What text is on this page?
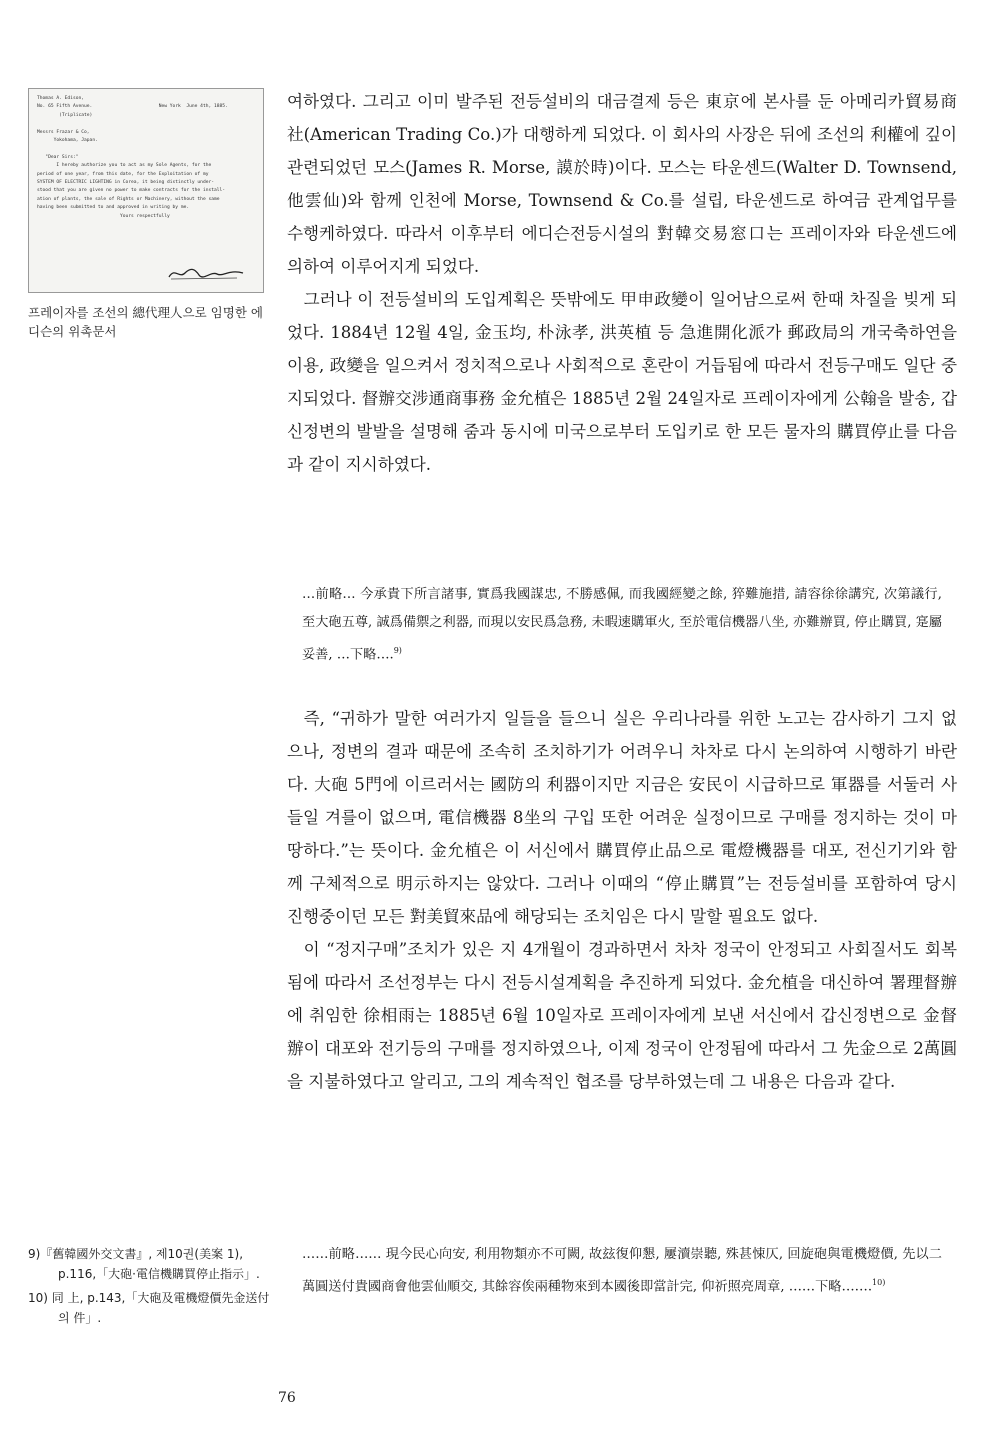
Thomas A. Edison,
No. 65 Fifth Avenue.                        New York  June 4th, 1885.
(Triplicate)

Messrs Frazar & Co,
Yokohama, Japan.

"Dear Sirs:"
I hereby authorize you to act as my Sole Agents, for the
period of one year, from this date, for the Exploitation of my
SYSTEM OF ELECTRIC LIGHTING in Corea, it being distinctly under-
stood that you are given no power to make contracts for the install-
ation of plants, the sale of Rights or Machinery, without the same
having been submitted to and approved in writing by me.
Yours respectfully

프레이자를 조선의 總代理人으로 임명한 에디슨의 위촉문서

여하였다. 그리고 이미 발주된 전등설비의 대금결제 등은 東京에 본사를 둔 아메리카貿易商社(American Trading Co.)가 대행하게 되었다. 이 회사의 사장은 뒤에 조선의 利權에 깊이 관련되었던 모스(James R. Morse, 謨於時)이다. 모스는 타운센드(Walter D. Townsend, 他雲仙)와 함께 인천에 Morse, Townsend & Co.를 설립, 타운센드로 하여금 관계업무를 수행케하였다. 따라서 이후부터 에디슨전등시설의 對韓交易窓口는 프레이자와 타운센드에 의하여 이루어지게 되었다.

그러나 이 전등설비의 도입계획은 뜻밖에도 甲申政變이 일어남으로써 한때 차질을 빚게 되었다. 1884년 12월 4일, 金玉均, 朴泳孝, 洪英植 등 急進開化派가 郵政局의 개국축하연을 이용, 政變을 일으켜서 정치적으로나 사회적으로 혼란이 거듭됨에 따라서 전등구매도 일단 중지되었다. 督辦交涉通商事務 金允植은 1885년 2월 24일자로 프레이자에게 公翰을 발송, 갑신정변의 발발을 설명해 줌과 동시에 미국으로부터 도입키로 한 모든 물자의 購買停止를 다음과 같이 지시하였다.

…前略… 今承貴下所言諸事, 實爲我國謀忠, 不勝感佩, 而我國經變之餘, 猝難施措, 請容徐徐講究, 次第議行, 至大砲五尊, 誠爲備禦之利器, 而現以安民爲急務, 未暇速購軍火, 至於電信機器八坐, 亦難辦買, 停止購買, 寔屬妥善, …下略….$^{9)}$

즉, “귀하가 말한 여러가지 일들을 들으니 실은 우리나라를 위한 노고는 감사하기 그지 없으나, 정변의 결과 때문에 조속히 조치하기가 어려우니 차차로 다시 논의하여 시행하기 바란다. 大砲 5門에 이르러서는 國防의 利器이지만 지금은 安民이 시급하므로 軍器를 서둘러 사들일 겨를이 없으며, 電信機器 8坐의 구입 또한 어려운 실정이므로 구매를 정지하는 것이 마땅하다.”는 뜻이다. 金允植은 이 서신에서 購買停止品으로 電燈機器를 대포, 전신기기와 함께 구체적으로 明示하지는 않았다. 그러나 이때의 “停止購買”는 전등설비를 포함하여 당시 진행중이던 모든 對美貿來品에 해당되는 조치임은 다시 말할 필요도 없다.

이 “정지구매”조치가 있은 지 4개월이 경과하면서 차차 정국이 안정되고 사회질서도 회복됨에 따라서 조선정부는 다시 전등시설계획을 추진하게 되었다. 金允植을 대신하여 署理督辦에 취임한 徐相雨는 1885년 6월 10일자로 프레이자에게 보낸 서신에서 갑신정변으로 金督辦이 대포와 전기등의 구매를 정지하였으나, 이제 정국이 안정됨에 따라서 그 先金으로 2萬圓을 지불하였다고 알리고, 그의 계속적인 협조를 당부하였는데 그 내용은 다음과 같다.

……前略…… 現今民心向安, 利用物類亦不可闕, 故玆復仰懇, 屢瀆崇聽, 殊甚悚仄, 回旋砲與電機燈價, 先以二萬圓送付貴國商會他雲仙順交, 其餘容俟兩種物來到本國後即當計完, 仰祈照亮周章, ……下略…….$^{10)}$

9)『舊韓國外交文書』, 제10권(美案 1), p.116,「大砲·電信機購買停止指示」.

10) 同 上, p.143,「大砲及電機燈價先金送付의 件」.

76
